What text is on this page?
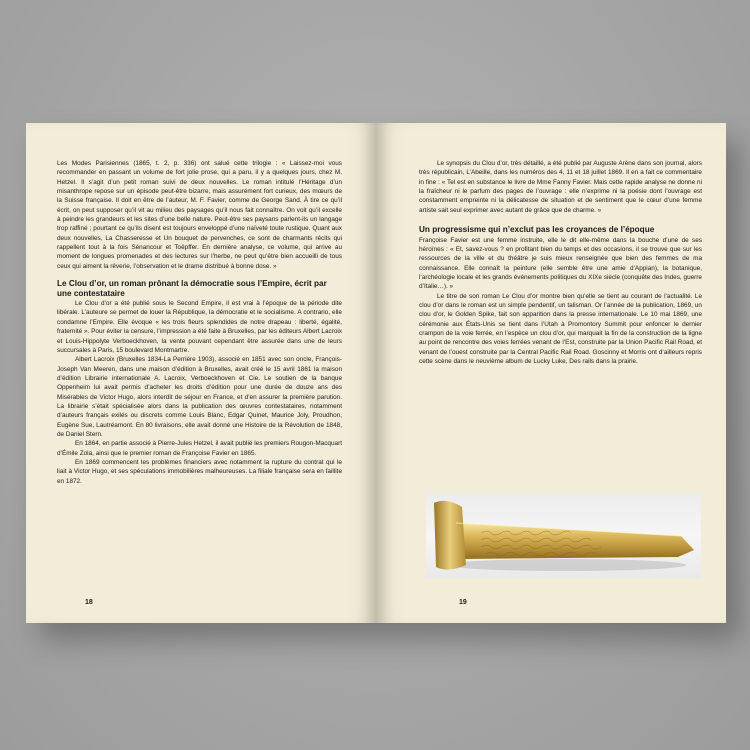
Les Modes Parisiennes (1865, t. 2, p. 336) ont salué cette trilogie : « Laissez-moi vous recommander en passant un volume de fort jolie prose, qui a paru, il y a quelques jours, chez M. Hetzel. Il s’agit d’un petit roman suivi de deux nouvelles. Le roman intitulé l’Héritage d’un misanthrope repose sur un épisode peut-être bizarre, mais assurément fort curieux, des mœurs de la Suisse française. Il doit en être de l’auteur, M. F. Favier, comme de George Sand. À tire ce qu’il écrit, on peut supposer qu’il vit au milieu des paysages qu’il nous fait connaître. On voit qu’il excelle à peindre les grandeurs et les sites d’une belle nature. Peut-être ses paysans parlent-ils un langage trop raffiné ; pourtant ce qu’ils disent est toujours enveloppé d’une naïveté toute rustique. Quant aux deux nouvelles, La Chasseresse et Un bouquet de pervenches, ce sont de charmants récits qui rappellent tout à la fois Sénancour et Toëpffer. En dernière analyse, ce volume, qui arrive au moment de longues promenades et des lectures sur l’herbe, ne peut qu’être bien accueilli de tous ceux qui aiment la rêverie, l’observation et le drame distribué à bonne dose. »

Le Clou d’or, un roman prônant la démocratie sous l’Empire, écrit par une contestataire

Le Clou d’or a été publié sous le Second Empire, il est vrai à l’époque de la période dite libérale. L’auteure se permet de louer la République, la démocratie et le socialisme. A contrario, elle condamne l’Empire. Elle évoque « les trois fleurs splendides de notre drapeau : liberté, égalité, fraternité ». Pour éviter la censure, l’impression a été faite à Bruxelles, par les éditeurs Albert Lacroix et Louis-Hippolyte Verboeckhoven, la vente pouvant cependant être assurée dans une de leurs succursales à Paris, 15 boulevard Montmartre.

Albert Lacroix (Bruxelles 1834-La Perrière 1903), associé en 1851 avec son oncle, François-Joseph Van Meeren, dans une maison d’édition à Bruxelles, avait créé le 15 avril 1861 la maison d’édition Librairie internationale A. Lacroix, Verboeckhoven et Cie. Le soutien de la banque Oppenheim lui avait permis d’acheter les droits d’édition pour une durée de douze ans des Misérables de Victor Hugo, alors interdit de séjour en France, et d’en assurer la première parution. La librairie s’était spécialisée alors dans la publication des œuvres contestataires, notamment d’auteurs français exilés ou discrets comme Louis Blanc, Edgar Quinet, Maurice Joly, Proudhon, Eugène Sue, Lautréamont. En 80 livraisons, elle avait donné une Histoire de la Révolution de 1848, de Daniel Stern.

En 1864, en partie associé à Pierre-Jules Hetzel, il avait publié les premiers Rougon-Macquart d’Émile Zola, ainsi que le premier roman de Françoise Favier en 1865.

En 1869 commencent les problèmes financiers avec notamment la rupture du contrat qui le liait à Victor Hugo, et ses spéculations immobilières malheureuses. La filiale française sera en faillite en 1872.

18

Le synopsis du Clou d’or, très détaillé, a été publié par Auguste Arène dans son journal, alors très républicain, L’Abeille, dans les numéros des 4, 11 et 18 juillet 1869. Il en a fait ce commentaire in fine : « Tel est en substance le livre de Mme Fanny Favier. Mais cette rapide analyse ne donne ni la fraîcheur ni le parfum des pages de l’ouvrage : elle n’exprime ni la poésie dont l’ouvrage est constamment empreinte ni la délicatesse de situation et de sentiment que le cœur d’une femme artiste sait seul exprimer avec autant de grâce que de charme. »

Un progressisme qui n’exclut pas les croyances de l’époque

Françoise Favier est une femme instruite, elle le dit elle-même dans la bouche d’une de ses héroïnes : « Et, savez-vous ? en profitant bien du temps et des occasions, il se trouve que sur les ressources de la ville et du théâtre je suis mieux renseignée que bien des femmes de ma connaissance. Elle connaît la peinture (elle semble être une amie d’Appian), la botanique, l’archéologie locale et les grands événements politiques du XIXe siècle (conquête des Indes, guerre d’Italie…). »

Le titre de son roman Le Clou d’or montre bien qu’elle se tient au courant de l’actualité. Le clou d’or dans le roman est un simple pendentif, un talisman. Or l’année de la publication, 1869, un clou d’or, le Golden Spike, fait son apparition dans la presse internationale. Le 10 mai 1869, une cérémonie aux États-Unis se tient dans l’Utah à Promontory Summit pour enfoncer le dernier crampon de la voie ferrée, en l’espèce un clou d’or, qui marquait la fin de la construction de la ligne au point de rencontre des voies ferrées venant de l’Est, construite par la Union Pacific Rail Road, et venant de l’ouest construite par la Central Pacific Rail Road. Goscinny et Morris ont d’ailleurs repris cette scène dans le neuvième album de Lucky Luke, Des rails dans la prairie.

19
